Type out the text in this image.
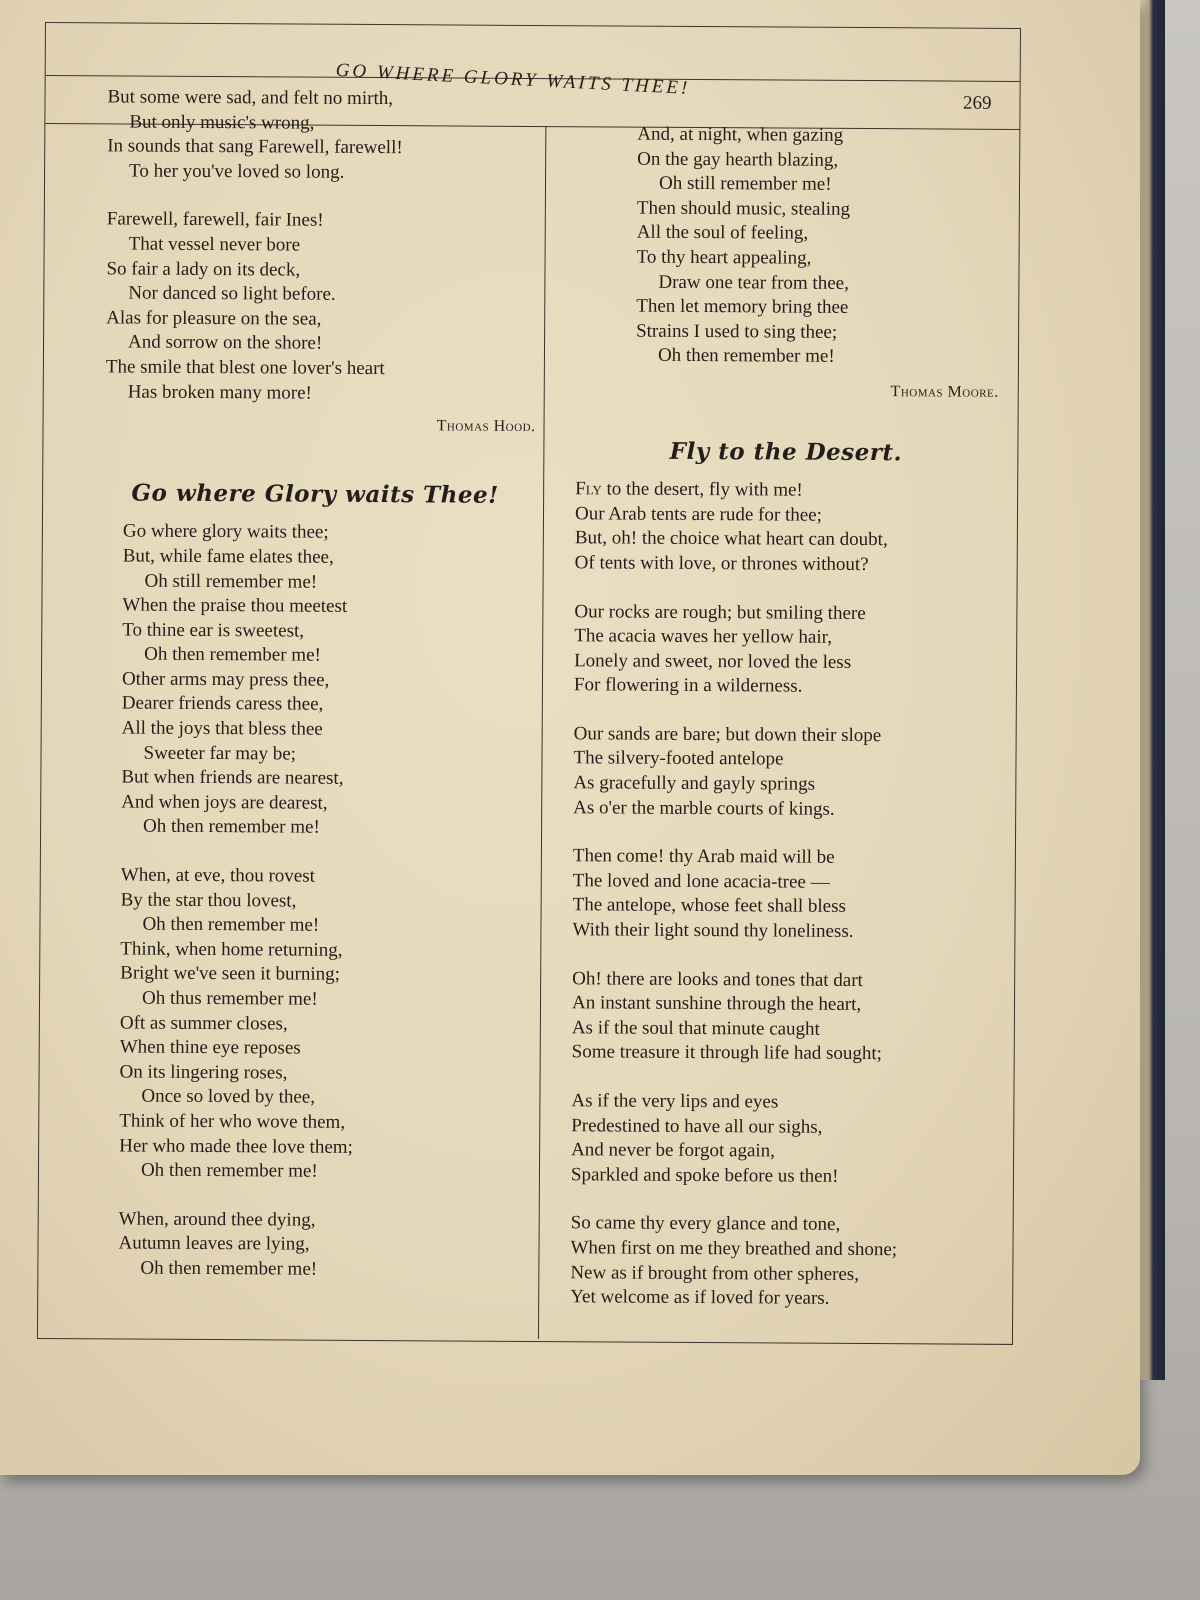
GO WHERE GLORY WAITS THEE!
269
But some were sad, and felt no mirth,
But only music's wrong,
In sounds that sang Farewell, farewell!
To her you've loved so long.
Farewell, farewell, fair Ines!
That vessel never bore
So fair a lady on its deck,
Nor danced so light before.
Alas for pleasure on the sea,
And sorrow on the shore!
The smile that blest one lover's heart
Has broken many more!
Thomas Hood.
Go where Glory waits Thee!
Go where glory waits thee;
But, while fame elates thee,
Oh still remember me!
When the praise thou meetest
To thine ear is sweetest,
Oh then remember me!
Other arms may press thee,
Dearer friends caress thee,
All the joys that bless thee
Sweeter far may be;
But when friends are nearest,
And when joys are dearest,
Oh then remember me!
When, at eve, thou rovest
By the star thou lovest,
Oh then remember me!
Think, when home returning,
Bright we've seen it burning;
Oh thus remember me!
Oft as summer closes,
When thine eye reposes
On its lingering roses,
Once so loved by thee,
Think of her who wove them,
Her who made thee love them;
Oh then remember me!
When, around thee dying,
Autumn leaves are lying,
Oh then remember me!
And, at night, when gazing
On the gay hearth blazing,
Oh still remember me!
Then should music, stealing
All the soul of feeling,
To thy heart appealing,
Draw one tear from thee,
Then let memory bring thee
Strains I used to sing thee;
Oh then remember me!
Thomas Moore.
Fly to the Desert.
Fly to the desert, fly with me!
Our Arab tents are rude for thee;
But, oh! the choice what heart can doubt,
Of tents with love, or thrones without?
Our rocks are rough; but smiling there
The acacia waves her yellow hair,
Lonely and sweet, nor loved the less
For flowering in a wilderness.
Our sands are bare; but down their slope
The silvery-footed antelope
As gracefully and gayly springs
As o'er the marble courts of kings.
Then come! thy Arab maid will be
The loved and lone acacia-tree —
The antelope, whose feet shall bless
With their light sound thy loneliness.
Oh! there are looks and tones that dart
An instant sunshine through the heart,
As if the soul that minute caught
Some treasure it through life had sought;
As if the very lips and eyes
Predestined to have all our sighs,
And never be forgot again,
Sparkled and spoke before us then!
So came thy every glance and tone,
When first on me they breathed and shone;
New as if brought from other spheres,
Yet welcome as if loved for years.
